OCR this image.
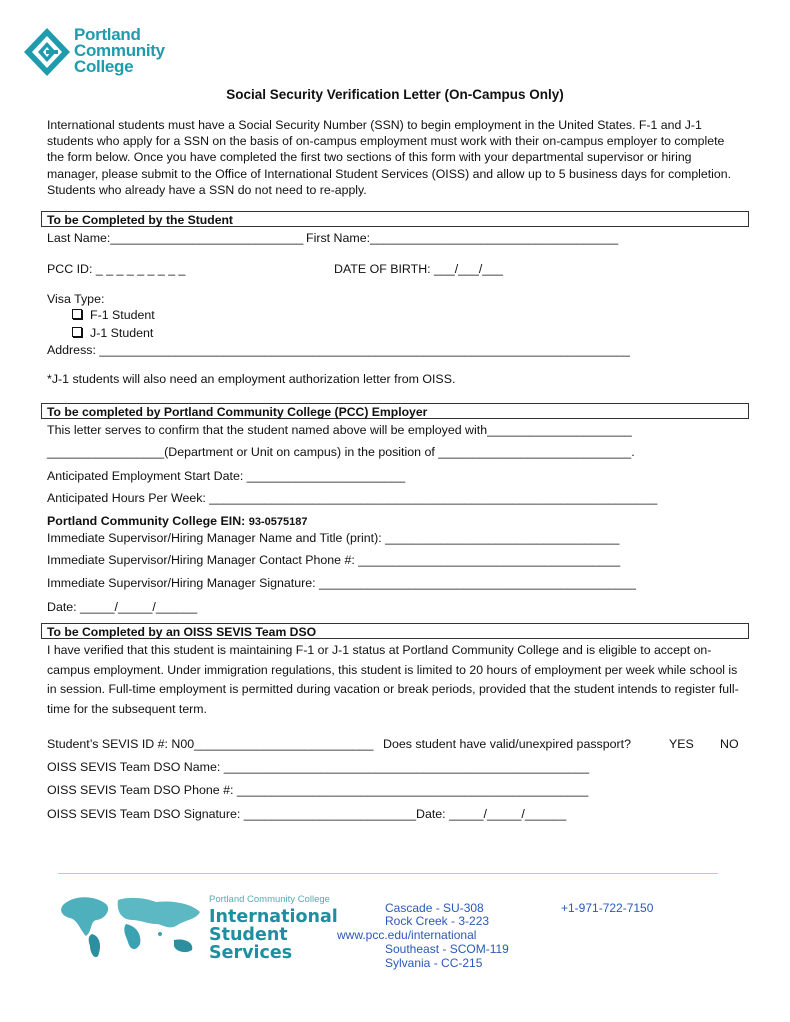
Portland
Community
College
Social Security Verification Letter (On-Campus Only)
International students must have a Social Security Number (SSN) to begin employment in the United States. F-1 and J-1 students who apply for a SSN on the basis of on-campus employment must work with their on-campus employer to complete the form below. Once you have completed the first two sections of this form with your departmental supervisor or hiring manager, please submit to the Office of International Student Services (OISS) and allow up to 5 business days for completion. Students who already have a SSN do not need to re-apply.
To be Completed by the Student
Last Name:____________________________ First Name:____________________________________
PCC ID: _ _ _ _ _ _ _ _ _	DATE OF BIRTH: ___/___/___
Visa Type:
F-1 Student
J-1 Student
Address: _____________________________________________________________________________
*J-1 students will also need an employment authorization letter from OISS.
To be completed by Portland Community College (PCC) Employer
This letter serves to confirm that the student named above will be employed with_____________________
_________________(Department or Unit on campus) in the position of ____________________________.
Anticipated Employment Start Date: _______________________
Anticipated Hours Per Week: _________________________________________________________________
Portland Community College EIN: 93-0575187
Immediate Supervisor/Hiring Manager Name and Title (print): __________________________________
Immediate Supervisor/Hiring Manager Contact Phone #: ______________________________________
Immediate Supervisor/Hiring Manager Signature: ______________________________________________
Date: _____/_____/______
To be Completed by an OISS SEVIS Team DSO
I have verified that this student is maintaining F-1 or J-1 status at Portland Community College and is eligible to accept on-campus employment. Under immigration regulations, this student is limited to 20 hours of employment per week while school is in session. Full-time employment is permitted during vacation or break periods, provided that the student intends to register full-time for the subsequent term.
Student’s SEVIS ID #: N00__________________________ Does student have valid/unexpired passport?	YES NO
OISS SEVIS Team DSO Name: _____________________________________________________
OISS SEVIS Team DSO Phone #: ___________________________________________________
OISS SEVIS Team DSO Signature: _________________________Date: _____/_____/______
Portland Community College
International
Student
Services
Cascade - SU-308
Rock Creek - 3-223
www.pcc.edu/international
Southeast - SCOM-119
Sylvania - CC-215
+1-971-722-7150
